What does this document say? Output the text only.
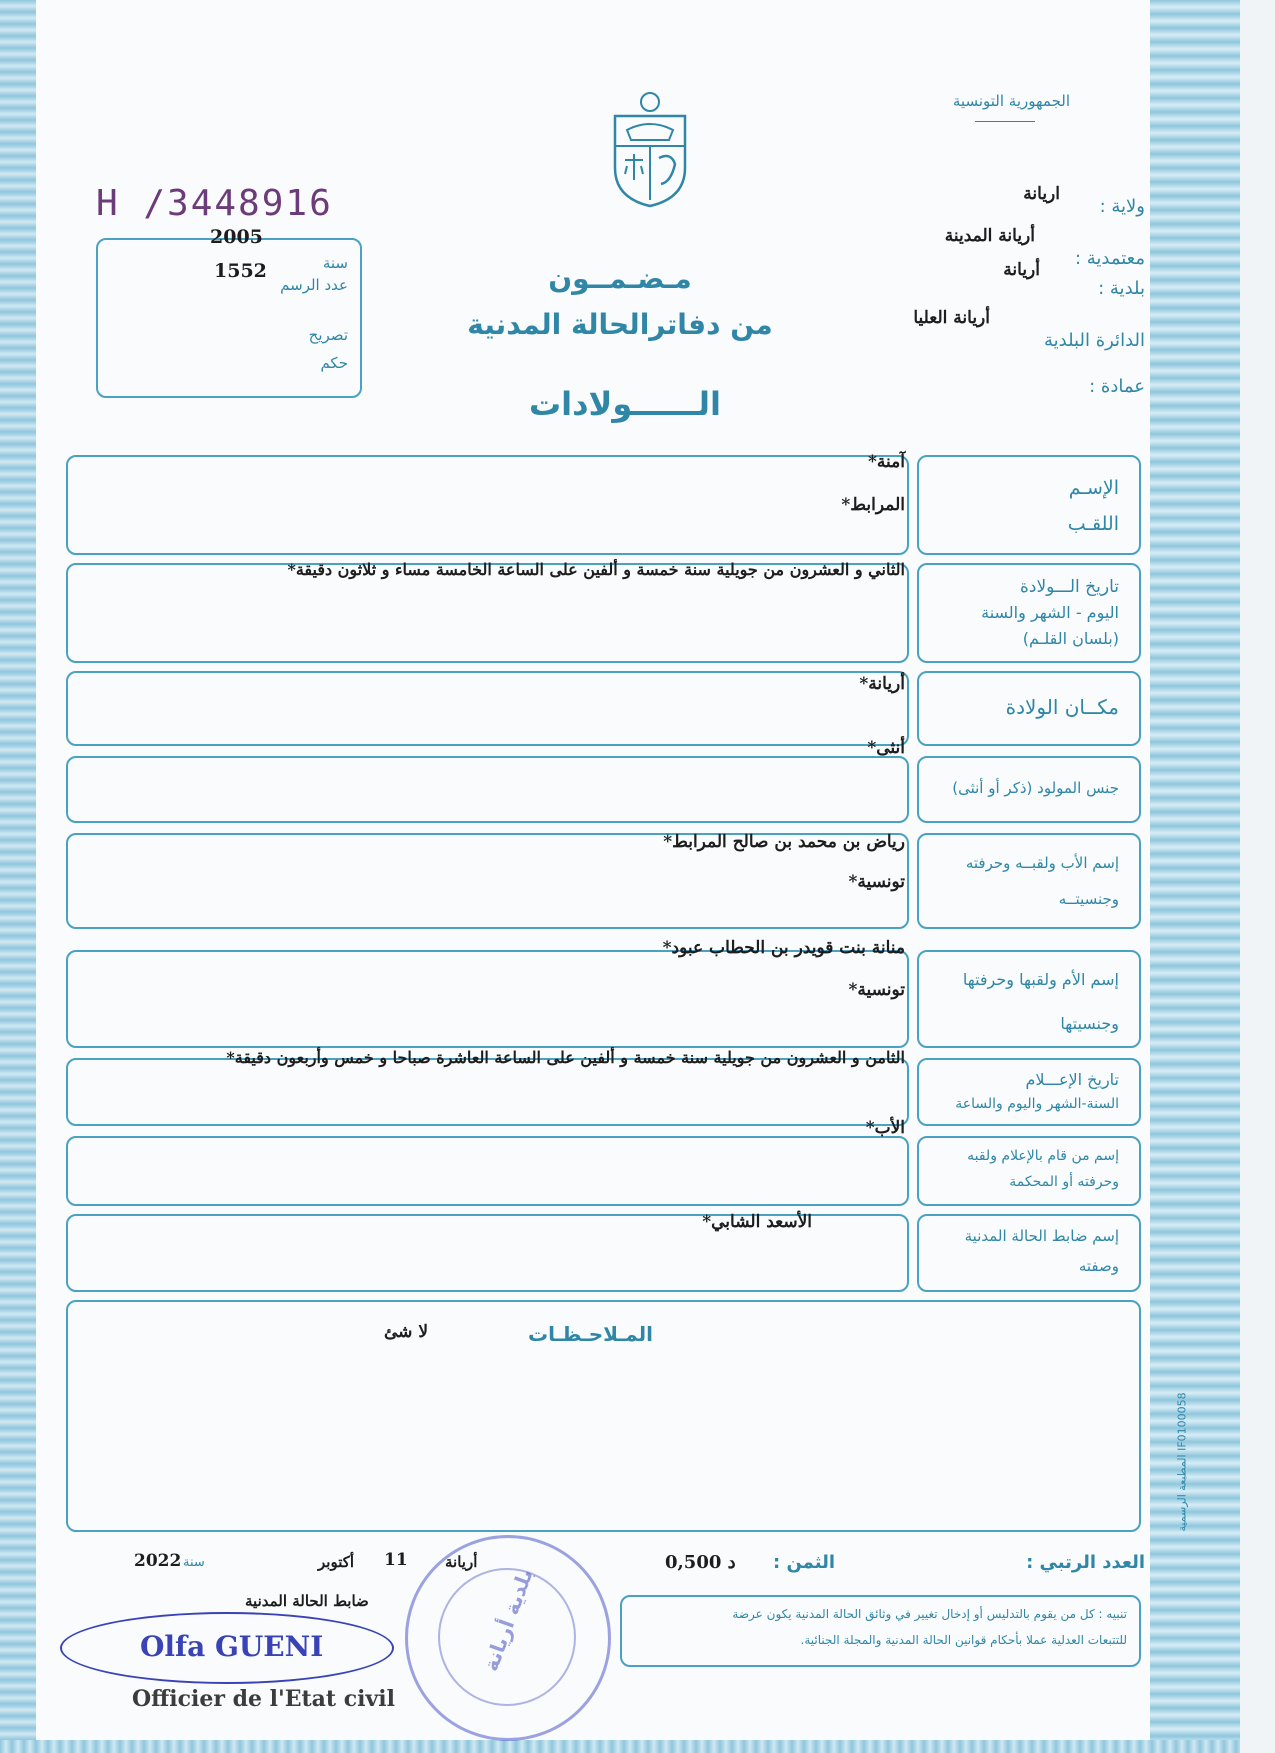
الجمهورية التونسية
ولاية :
اريانة
معتمدية :
أريانة المدينة
بلدية :
أريانة
الدائرة البلدية
أريانة العليا
عمادة :
H /3448916
2005
1552	سنة
عدد الرسم
تصريح
حكم
مـضـمــون
من دفاترالحالة المدنية
الــــــولادات
الإسـم
اللقـب
آمنة*
المرابط*
تاريخ الـــولادة
اليوم - الشهر والسنة
(بلسان القلـم)
الثاني و العشرون من جويلية سنة خمسة و ألفين على الساعة الخامسة مساء و ثلاثون دقيقة*
مكــان الولادة
أريانة*
جنس المولود (ذكر أو أنثى)
أنثى*
إسم الأب ولقبــه وحرفته
وجنسيتــه
رياض بن محمد بن صالح المرابط*
تونسية*
إسم الأم ولقبها وحرفتها
وجنسيتها
منانة بنت قويدر بن الحطاب عبود*
تونسية*
تاريخ الإعـــلام
السنة-الشهر واليوم والساعة
الثامن و العشرون من جويلية سنة خمسة و ألفين على الساعة العاشرة صباحا و خمس وأربعون دقيقة*
إسم من قام بالإعلام ولقبه
وحرفته أو المحكمة
الأب*
إسم ضابط الحالة المدنية
وصفته
الأسعد الشابي*
المـلاحـظـات
لا شئ
المطبعة الرسمية IF0100058
العدد الرتبي :
الثمن :
0,500 د
أريانة
11
أكتوبر
سنة
2022
ضابط الحالة المدنية
تنبيه : كل من يقوم بالتدليس أو إدخال تغيير في وثائق الحالة المدنية يكون عرضة
للتتبعات العدلية عملا بأحكام قوانين الحالة المدنية والمجلة الجنائية.
بلدية أريانة
Olfa GUENI
Officier de l'Etat civil
